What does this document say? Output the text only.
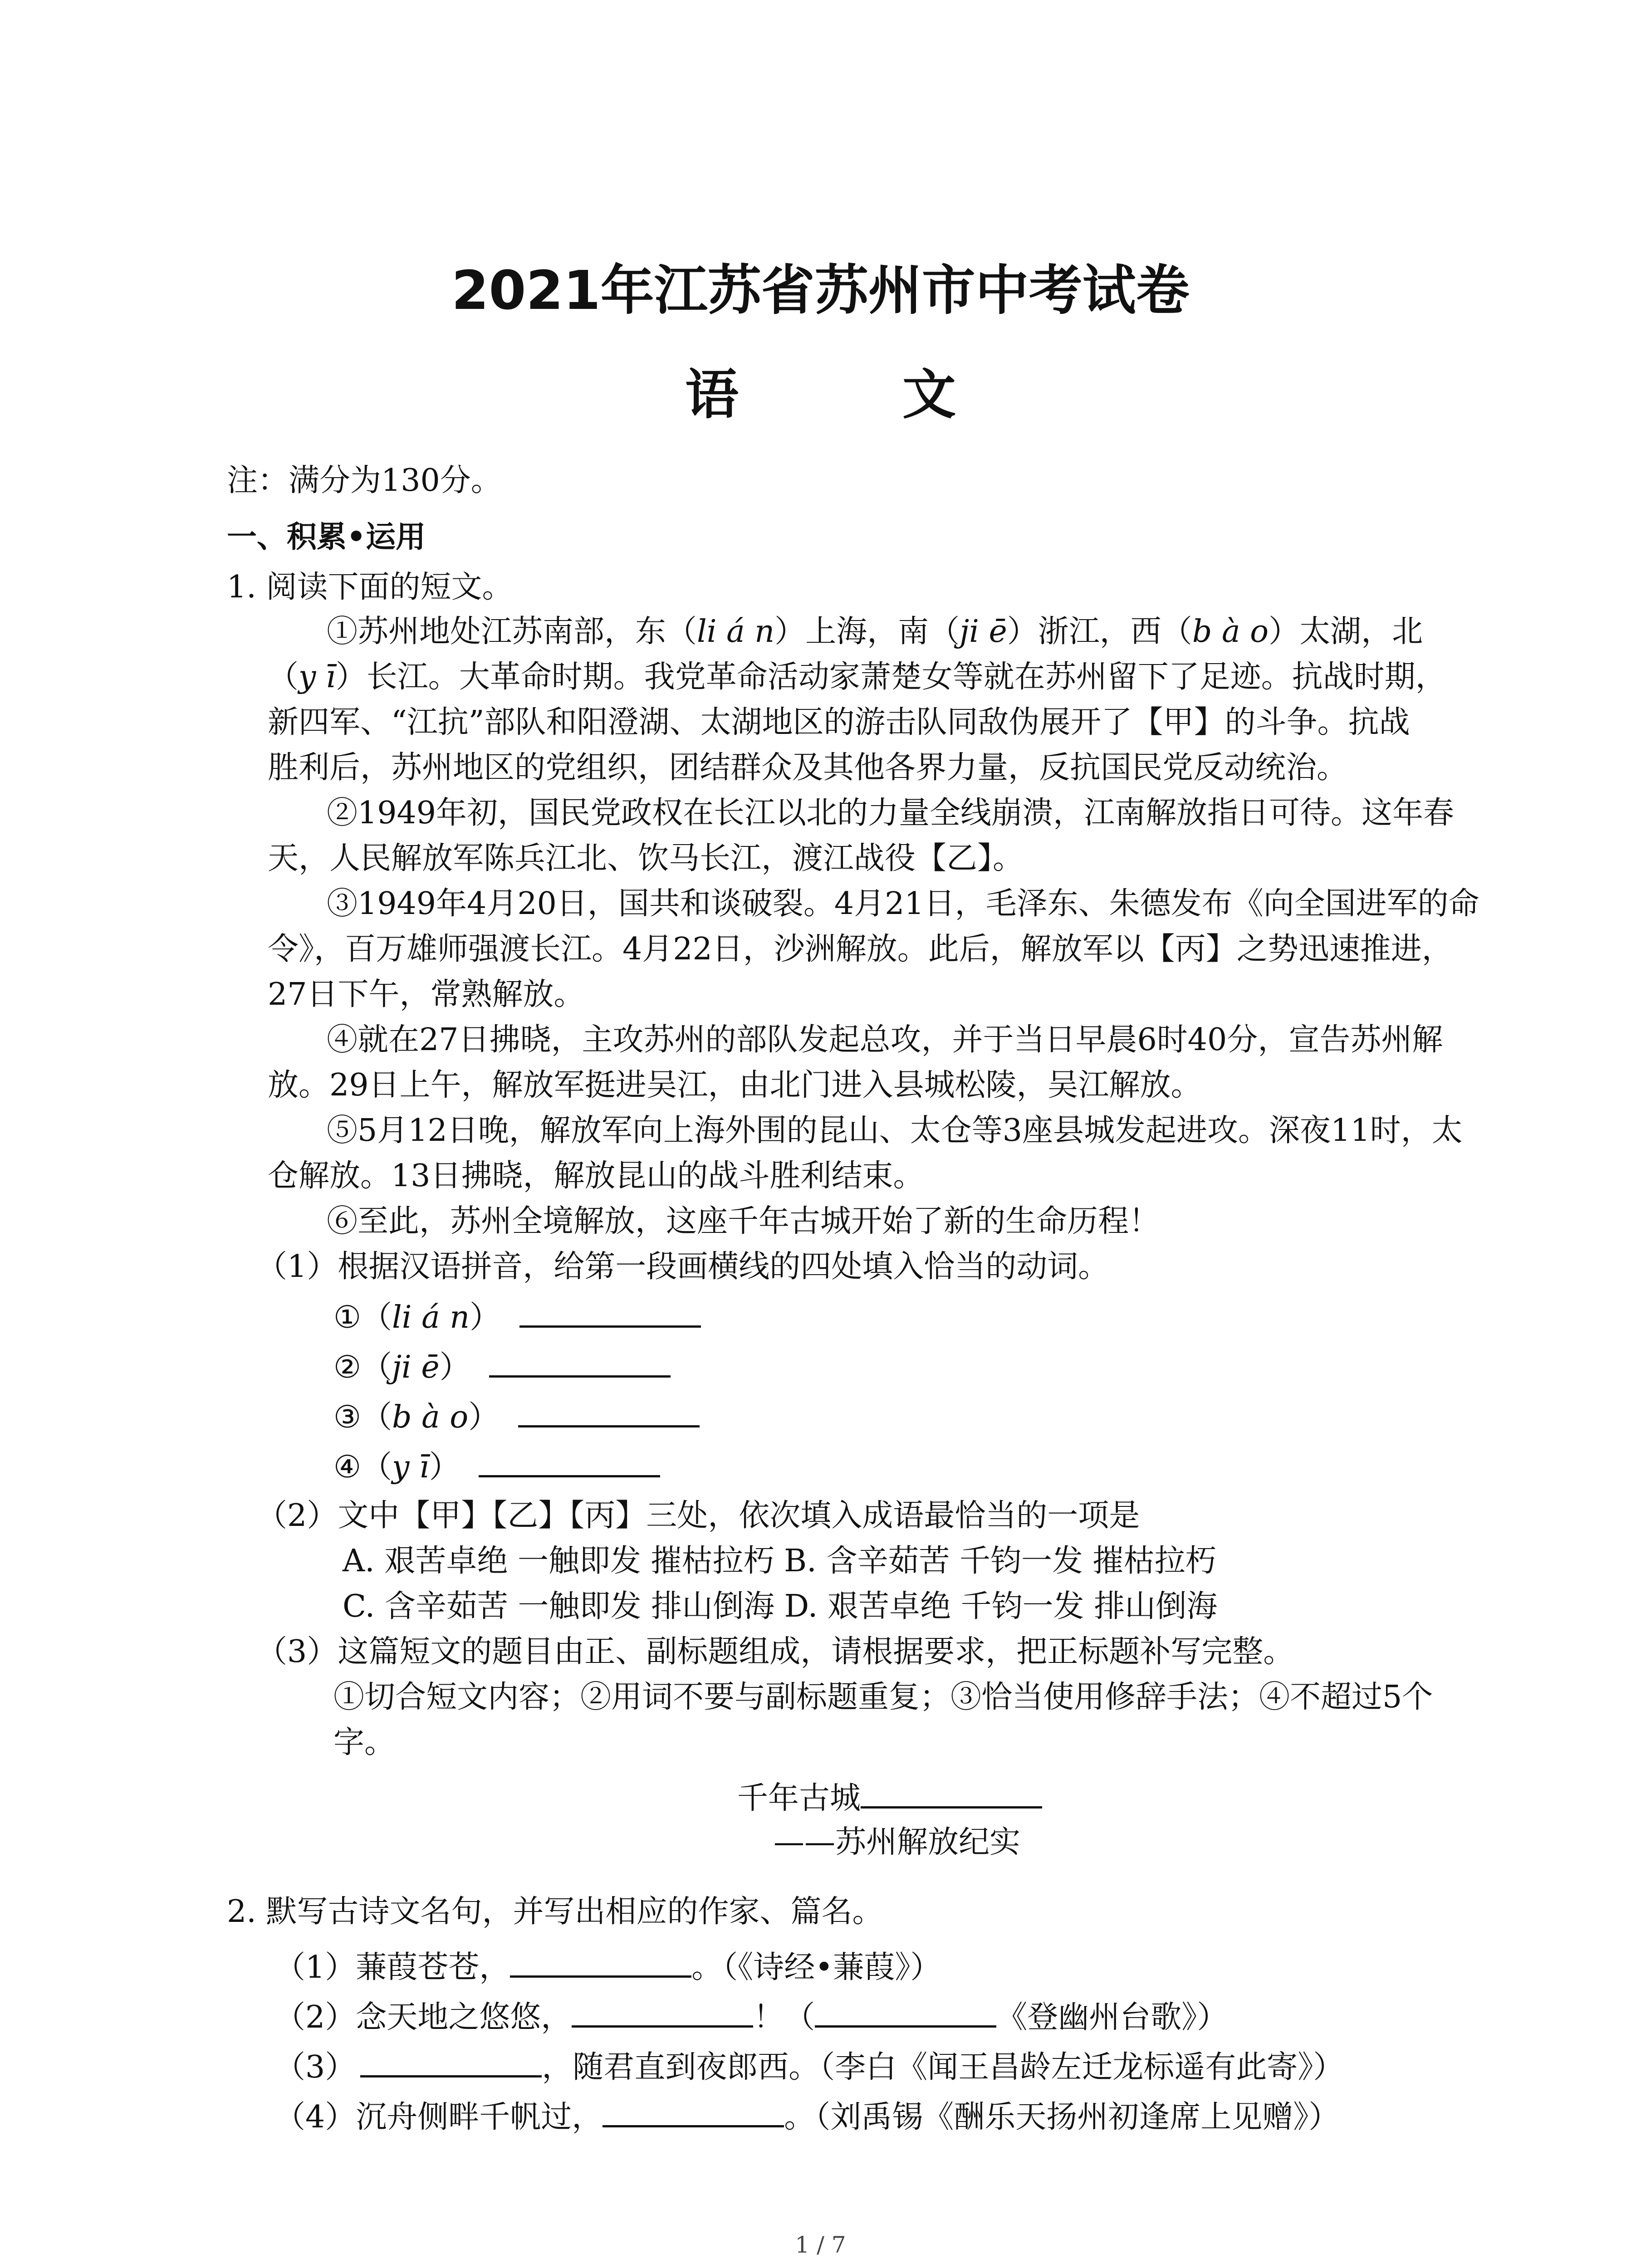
2021年江苏省苏州市中考试卷
语 文
注：满分为130分。
一、积累•运用
1. 阅读下面的短文。
①苏州地处江苏南部，东（li á n）上海，南（ji ē）浙江，西（b à o）太湖，北
（y ī）长江。大革命时期。我党革命活动家萧楚女等就在苏州留下了足迹。抗战时期，
新四军、“江抗”部队和阳澄湖、太湖地区的游击队同敌伪展开了【甲】的斗争。抗战
胜利后，苏州地区的党组织，团结群众及其他各界力量，反抗国民党反动统治。
②1949年初，国民党政权在长江以北的力量全线崩溃，江南解放指日可待。这年春
天，人民解放军陈兵江北、饮马长江，渡江战役【乙】。
③1949年4月20日，国共和谈破裂。4月21日，毛泽东、朱德发布《向全国进军的命
令》，百万雄师强渡长江。4月22日，沙洲解放。此后，解放军以【丙】之势迅速推进，
27日下午，常熟解放。
④就在27日拂晓，主攻苏州的部队发起总攻，并于当日早晨6时40分，宣告苏州解
放。29日上午，解放军挺进吴江，由北门进入县城松陵，吴江解放。
⑤5月12日晚，解放军向上海外围的昆山、太仓等3座县城发起进攻。深夜11时，太
仓解放。13日拂晓，解放昆山的战斗胜利结束。
⑥至此，苏州全境解放，这座千年古城开始了新的生命历程！
（1）根据汉语拼音，给第一段画横线的四处填入恰当的动词。
①（li á n）
②（ji ē）
③（b à o）
④（y ī）
（2）文中【甲】【乙】【丙】三处，依次填入成语最恰当的一项是
A. 艰苦卓绝 一触即发 摧枯拉朽 B. 含辛茹苦 千钧一发 摧枯拉朽
C. 含辛茹苦 一触即发 排山倒海 D. 艰苦卓绝 千钧一发 排山倒海
（3）这篇短文的题目由正、副标题组成，请根据要求，把正标题补写完整。
①切合短文内容；②用词不要与副标题重复；③恰当使用修辞手法；④不超过5个
字。
千年古城
——苏州解放纪实
2. 默写古诗文名句，并写出相应的作家、篇名。
（1）蒹葭苍苍，	。（《诗经•蒹葭》）
（2）念天地之悠悠，	！（	《登幽州台歌》）
（3）	，随君直到夜郎西。（李白《闻王昌龄左迁龙标遥有此寄》）
（4）沉舟侧畔千帆过，	。（刘禹锡《酬乐天扬州初逢席上见赠》）
1 / 7
